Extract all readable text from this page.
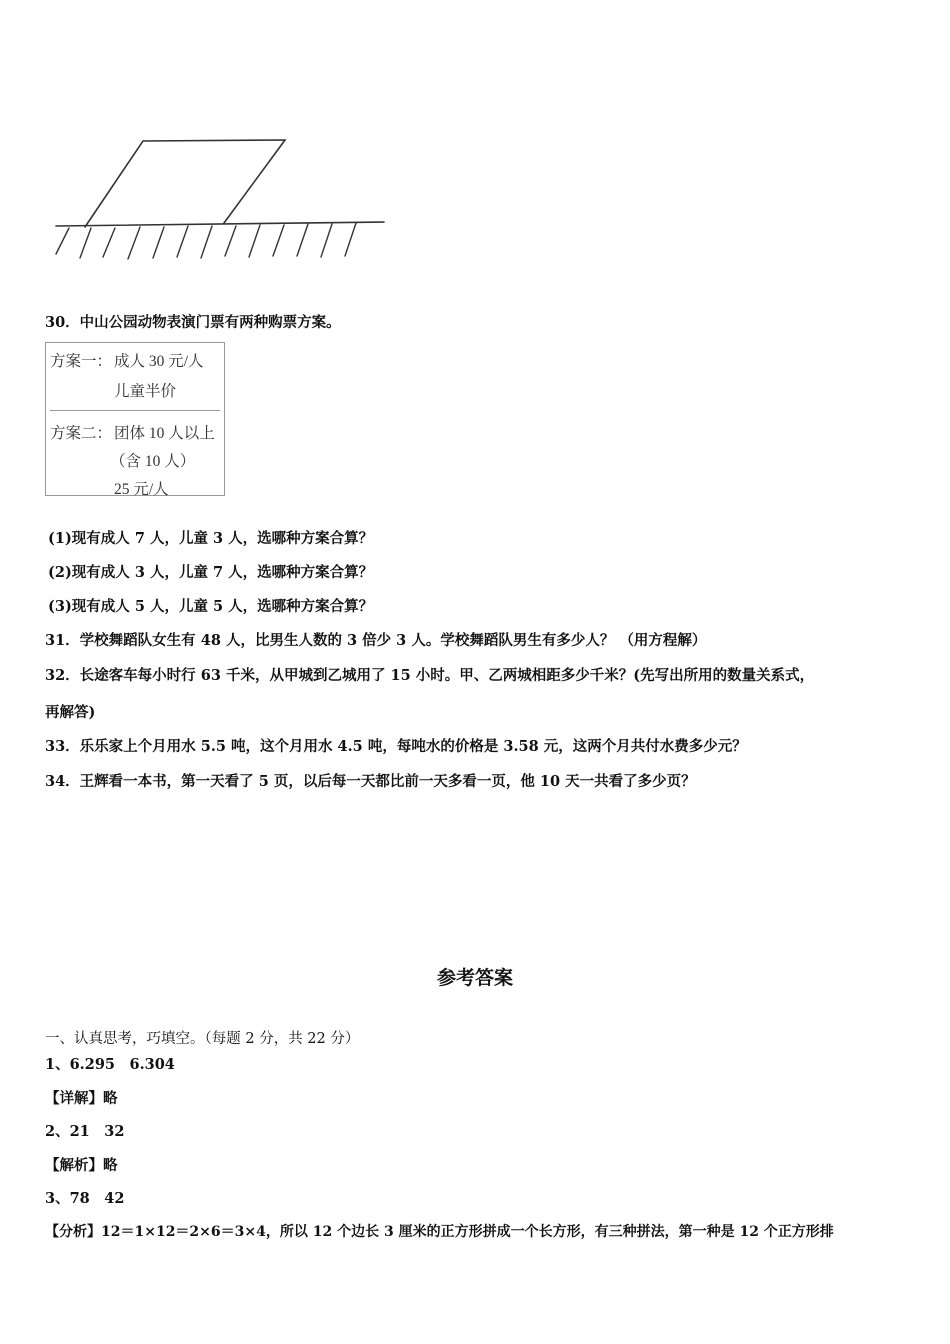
30．中山公园动物表演门票有两种购票方案。
方案一： 成人 30 元/人
儿童半价
方案二： 团体 10 人以上
（含 10 人）
25 元/人
(1)现有成人 7 人，儿童 3 人，选哪种方案合算？
(2)现有成人 3 人，儿童 7 人，选哪种方案合算？
(3)现有成人 5 人，儿童 5 人，选哪种方案合算？
31．学校舞蹈队女生有 48 人，比男生人数的 3 倍少 3 人。学校舞蹈队男生有多少人？ （用方程解）
32．长途客车每小时行 63 千米，从甲城到乙城用了 15 小时。甲、乙两城相距多少千米？(先写出所用的数量关系式，
再解答)
33．乐乐家上个月用水 5.5 吨，这个月用水 4.5 吨，每吨水的价格是 3.58 元，这两个月共付水费多少元？
34．王辉看一本书，第一天看了 5 页，以后每一天都比前一天多看一页，他 10 天一共看了多少页？
参考答案
一、认真思考，巧填空。（每题 2 分，共 22 分）
1、6.295　6.304
【详解】略
2、21　32
【解析】略
3、78　42
【分析】12＝1×12＝2×6＝3×4，所以 12 个边长 3 厘米的正方形拼成一个长方形，有三种拼法，第一种是 12 个正方形排
